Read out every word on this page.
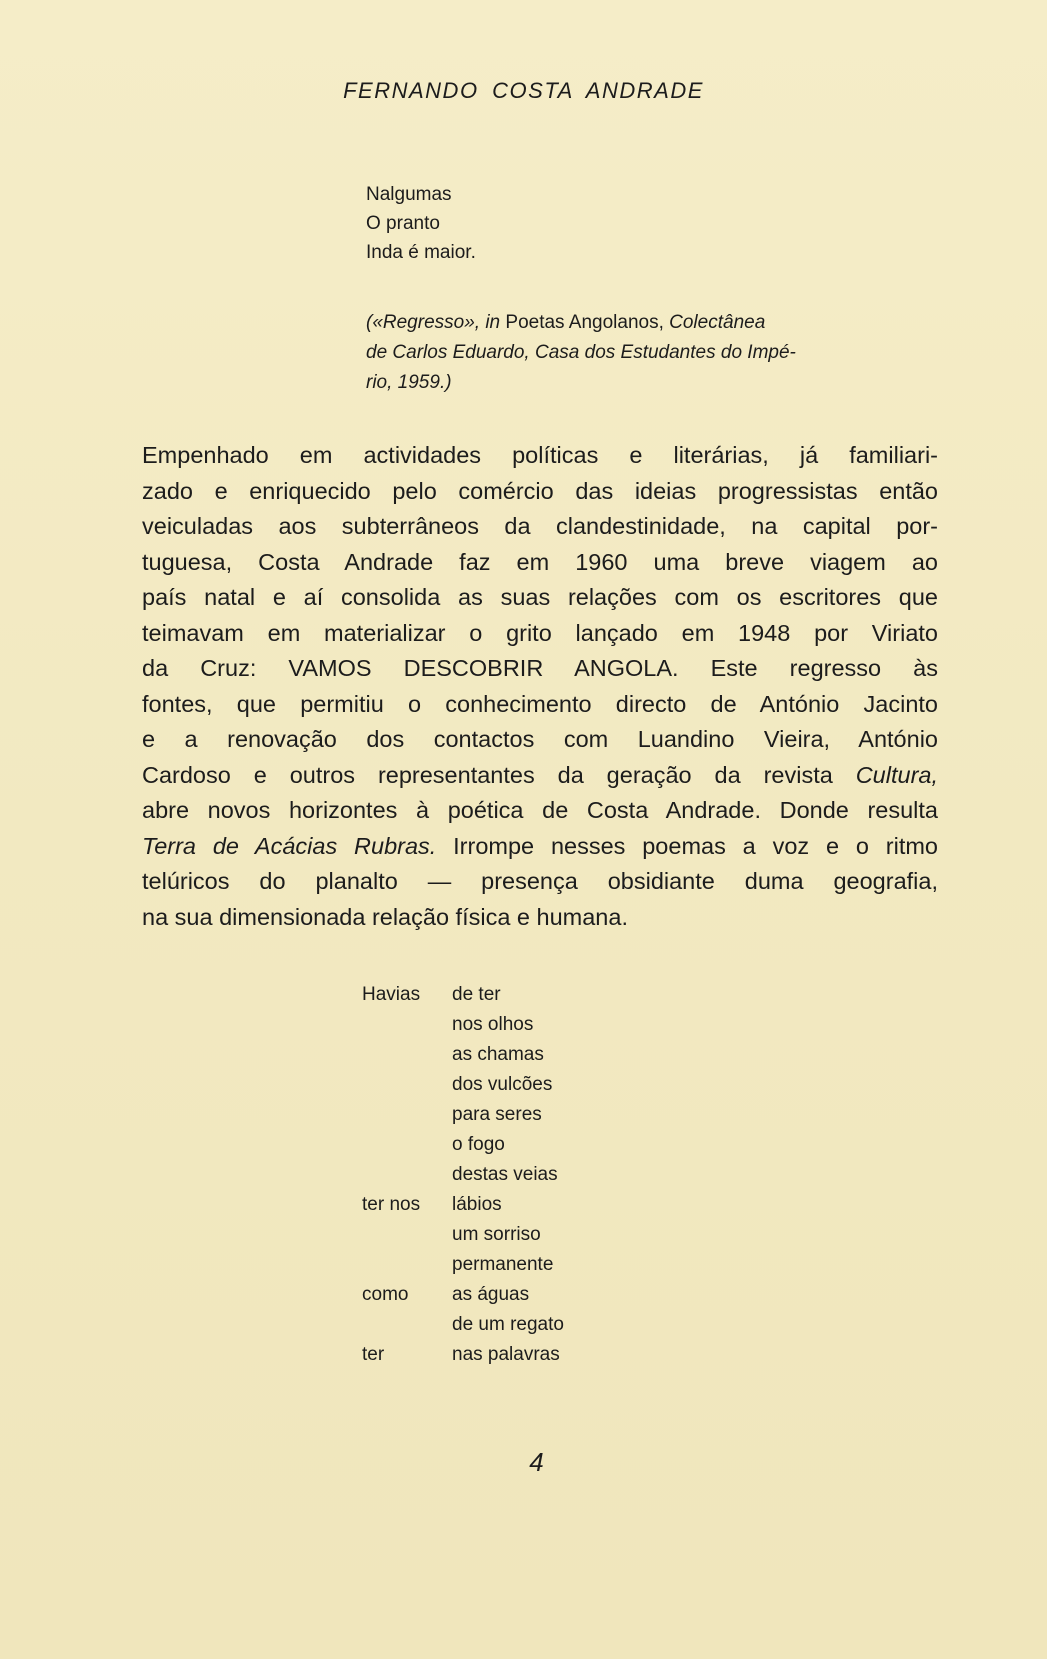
FERNANDO COSTA ANDRADE
Nalgumas
O pranto
Inda é maior.
(«Regresso», in Poetas Angolanos, Colectânea
de Carlos Eduardo, Casa dos Estudantes do Impé-
rio, 1959.)
Empenhado em actividades políticas e literárias, já familiari-
zado e enriquecido pelo comércio das ideias progressistas então
veiculadas aos subterrâneos da clandestinidade, na capital por-
tuguesa, Costa Andrade faz em 1960 uma breve viagem ao
país natal e aí consolida as suas relações com os escritores que
teimavam em materializar o grito lançado em 1948 por Viriato
da Cruz: VAMOS DESCOBRIR ANGOLA. Este regresso às
fontes, que permitiu o conhecimento directo de António Jacinto
e a renovação dos contactos com Luandino Vieira, António
Cardoso e outros representantes da geração da revista Cultura,
abre novos horizontes à poética de Costa Andrade. Donde resulta
Terra de Acácias Rubras. Irrompe nesses poemas a voz e o ritmo
telúricos do planalto — presença obsidiante duma geografia,
na sua dimensionada relação física e humana.
Havias de ter
nos olhos
as chamas
dos vulcões
para seres
o fogo
destas veias
ter nos lábios
um sorriso
permanente
como as águas
de um regato
ter	nas palavras
4
